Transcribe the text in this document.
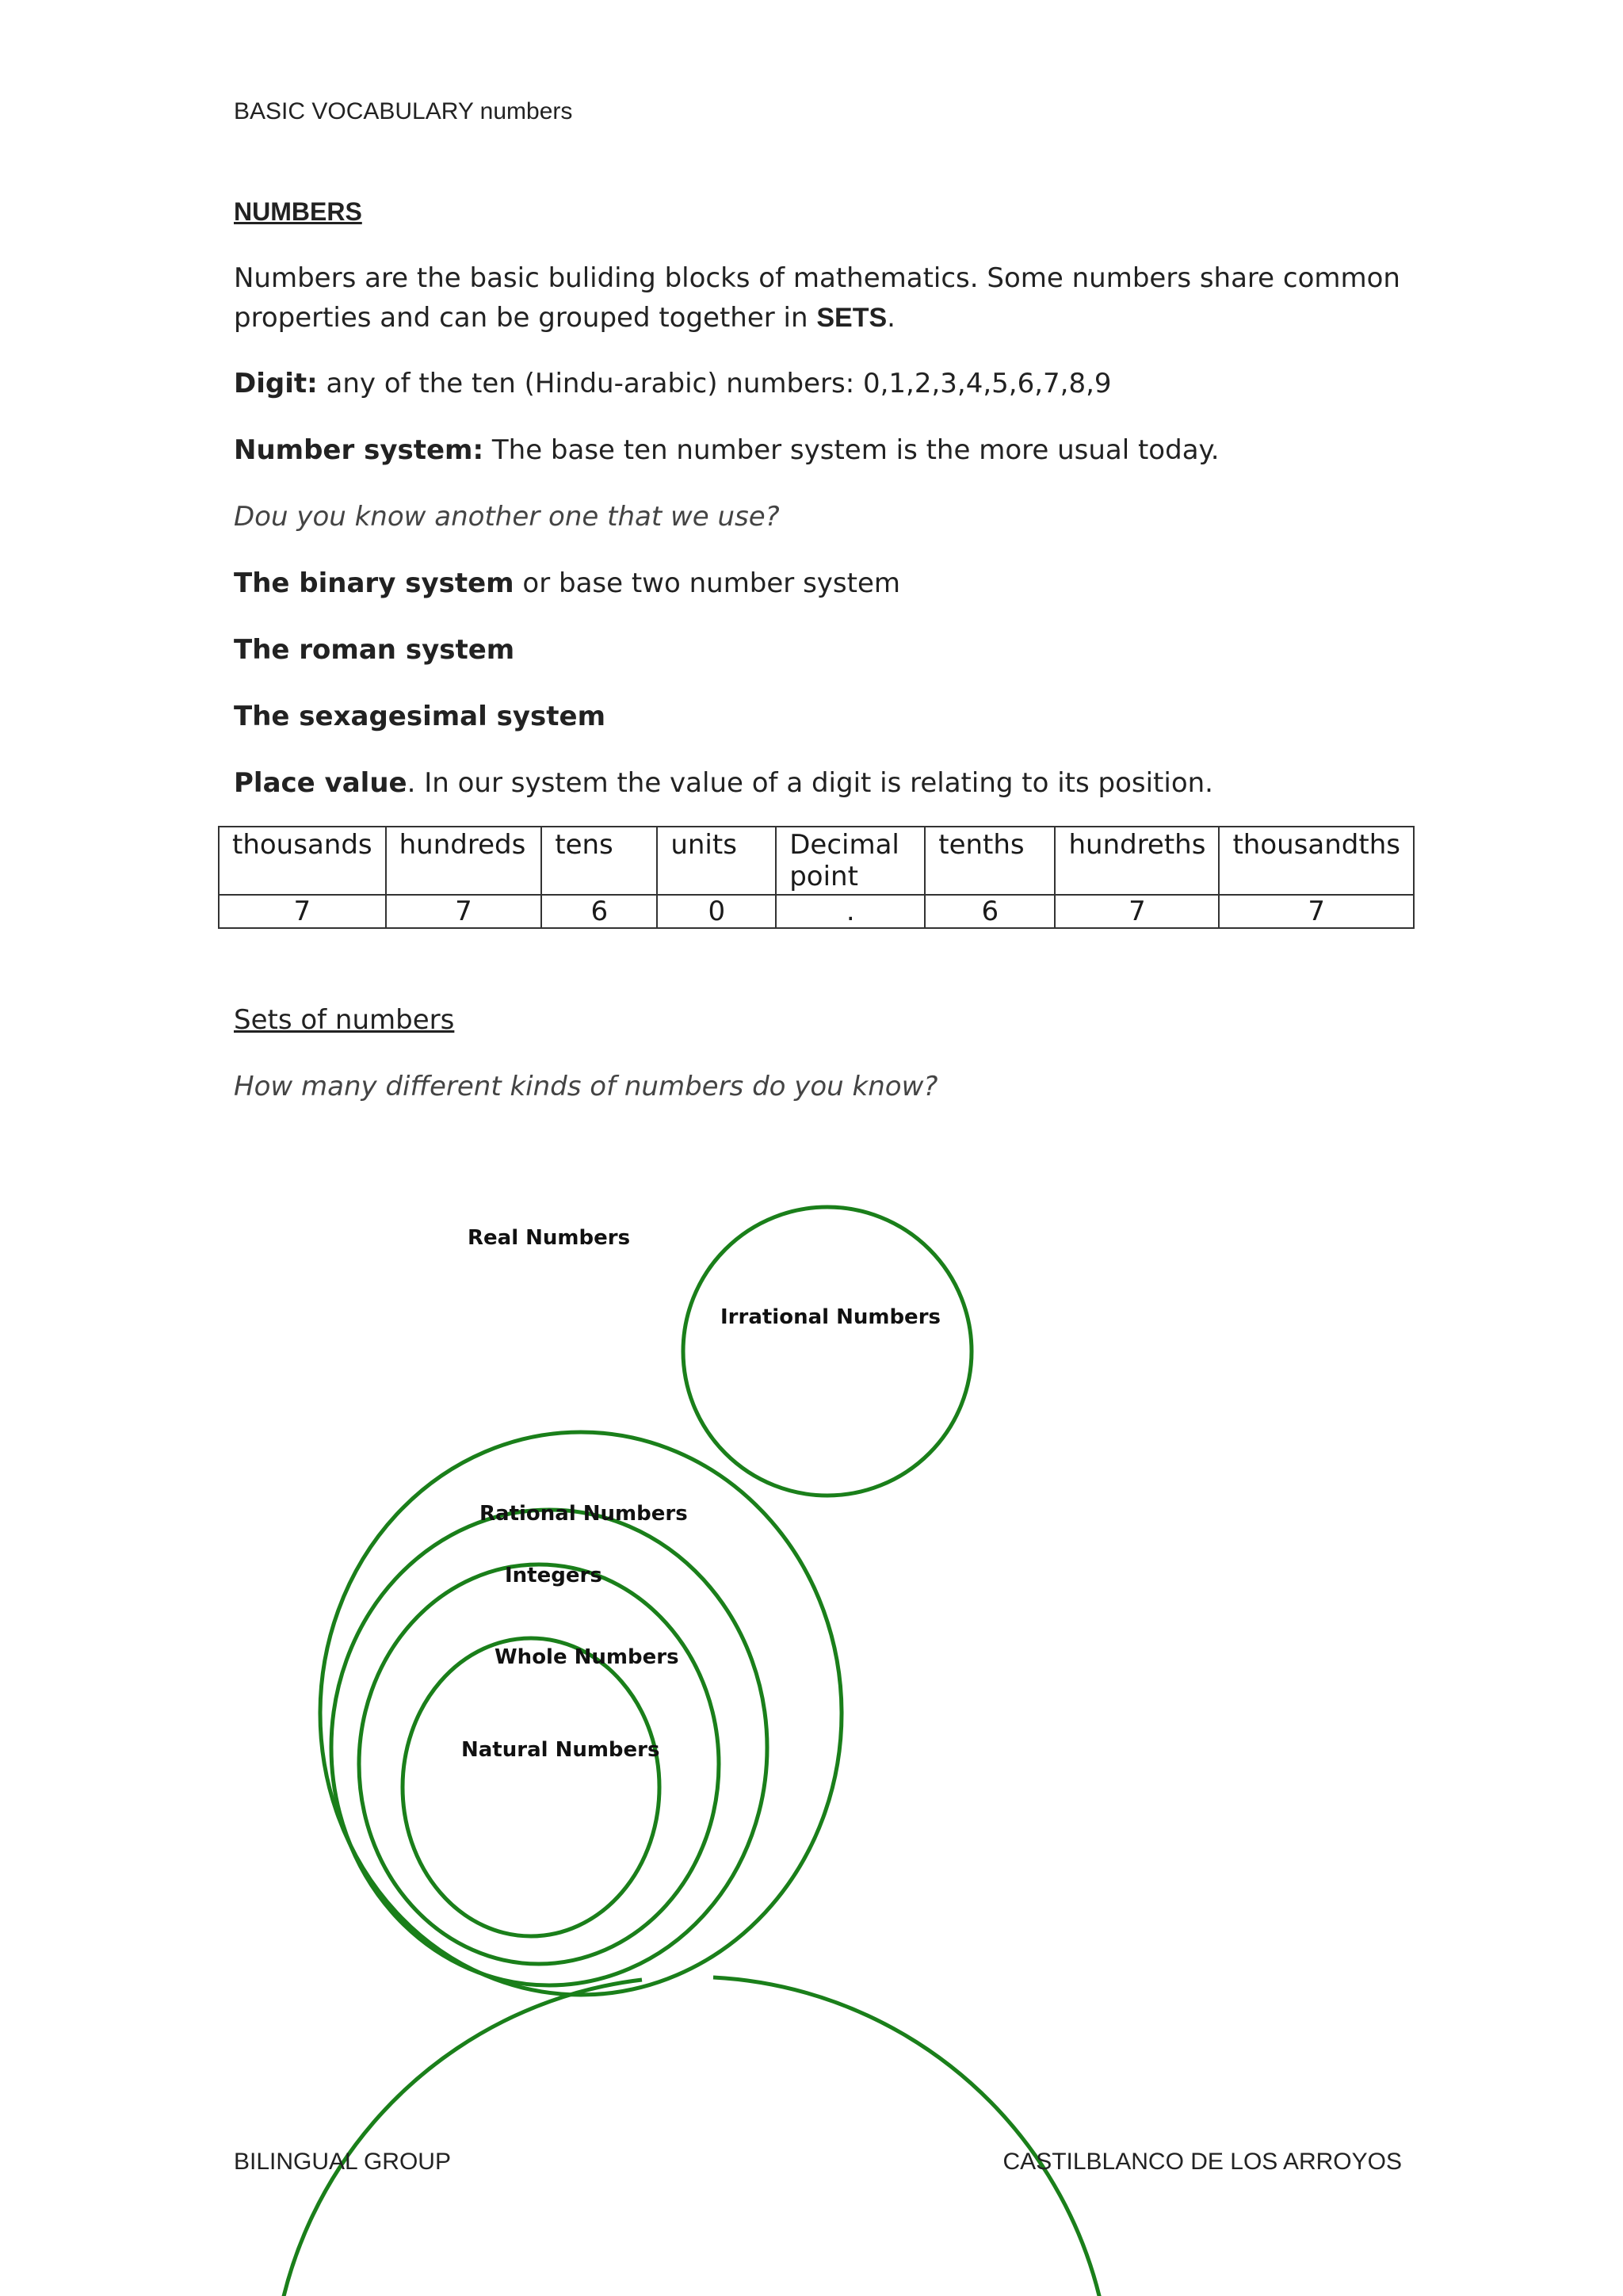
BASIC VOCABULARY numbers
NUMBERS
Numbers are the basic buliding blocks of mathematics. Some numbers share common
properties and can be grouped together in SETS.
Digit: any of the ten (Hindu-arabic) numbers: 0,1,2,3,4,5,6,7,8,9
Number system: The base ten number system is the more usual today.
Dou you know another one that we use?
The binary system or base two number system
The roman system
The sexagesimal system
Place value. In our system the value of a digit is relating to its position.
thousands	hundreds	tens	units	Decimal point	tenths	hundreths	thousandths
7	7	6	0	.	6	7	7
Sets of numbers
How many different kinds of numbers do you know?
Real Numbers
Irrational Numbers
Rational Numbers
Integers
Whole Numbers
Natural Numbers
BILINGUAL GROUP	CASTILBLANCO DE LOS ARROYOS
